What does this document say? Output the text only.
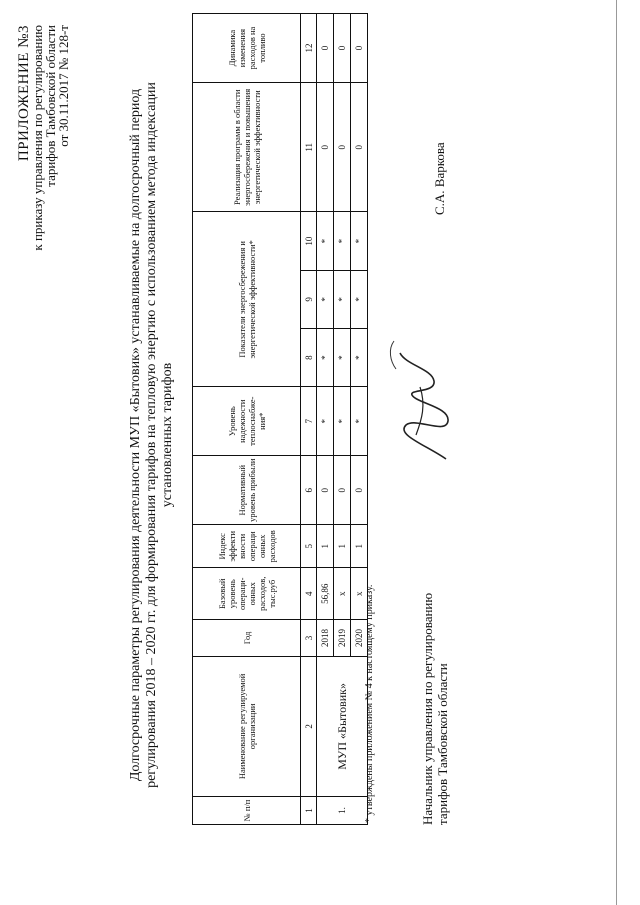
ПРИЛОЖЕНИЕ №3
к приказу управления по регулированию
тарифов Тамбовской области
от 30.11.2017 № 128-т
Долгосрочные параметры регулирования деятельности МУП «Бытовик» устанавливаемые на долгосрочный период регулирования 2018 – 2020 гг. для формирования тарифов на тепловую энергию с использованием метода индексации установленных тарифов
№ п/п	Наименование регулируемой организации	Год	Базовый уровень операци-онных расходов, тыс.руб	Индекс эффекти вности операци онных расходов	Нормативный уровень прибыли	Уровень надежности теплоснабже-ния*	Показатели энергосбережения и энергетической эффективности*			Реализация программ в области энергосбережения и повышения энергетической эффективности	Динамика изменения расходов на топливо
1	2	3	4	5	6	7	8	9	10	11	12
1.	МУП «Бытовик»	2018	56,86	1	0	*	*	*	*	0	0
		2019	х	1	0	*	*	*	*	0	0
		2020	х	1	0	*	*	*	*	0	0
* утверждены приложением № 4 к настоящему приказу.	Начальник управления по регулированию тарифов Тамбовской области
С.А. Варкова
